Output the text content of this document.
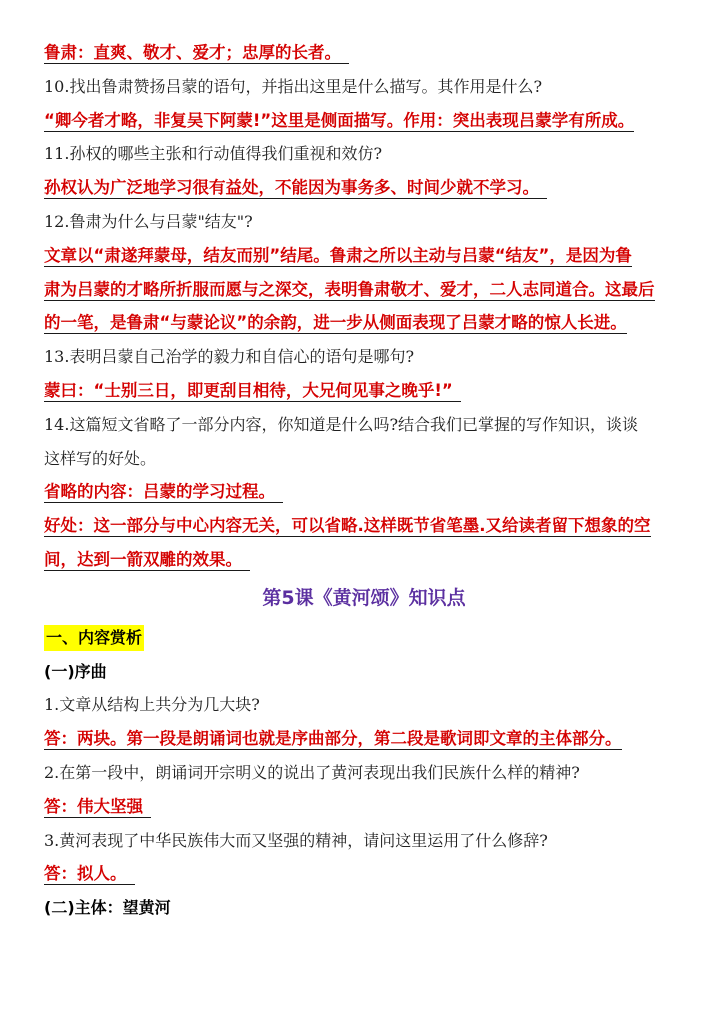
鲁肃：直爽、敬才、爱才；忠厚的长者。

10.找出鲁肃赞扬吕蒙的语句，并指出这里是什么描写。其作用是什么?

“卿今者才略，非复吴下阿蒙!”这里是侧面描写。作用：突出表现吕蒙学有所成。

11.孙权的哪些主张和行动值得我们重视和效仿?

孙权认为广泛地学习很有益处，不能因为事务多、时间少就不学习。

12.鲁肃为什么与吕蒙"结友"?

文章以“肃遂拜蒙母，结友而别”结尾。鲁肃之所以主动与吕蒙“结友”，是因为鲁

肃为吕蒙的才略所折服而愿与之深交，表明鲁肃敬才、爱才，二人志同道合。这最后

的一笔，是鲁肃“与蒙论议”的余韵，进一步从侧面表现了吕蒙才略的惊人长进。

13.表明吕蒙自己治学的毅力和自信心的语句是哪句?

蒙曰：“士别三日，即更刮目相待，大兄何见事之晚乎!”

14.这篇短文省略了一部分内容，你知道是什么吗?结合我们已掌握的写作知识，谈谈

这样写的好处。

省略的内容：吕蒙的学习过程。

好处：这一部分与中心内容无关，可以省略.这样既节省笔墨.又给读者留下想象的空

间，达到一箭双雕的效果。

第5课《黄河颂》知识点

一、内容赏析

(一)序曲

1.文章从结构上共分为几大块?

答：两块。第一段是朗诵词也就是序曲部分，第二段是歌词即文章的主体部分。

2.在第一段中，朗诵词开宗明义的说出了黄河表现出我们民族什么样的精神?

答：伟大坚强

3.黄河表现了中华民族伟大而又坚强的精神，请问这里运用了什么修辞?

答：拟人。

(二)主体：望黄河
